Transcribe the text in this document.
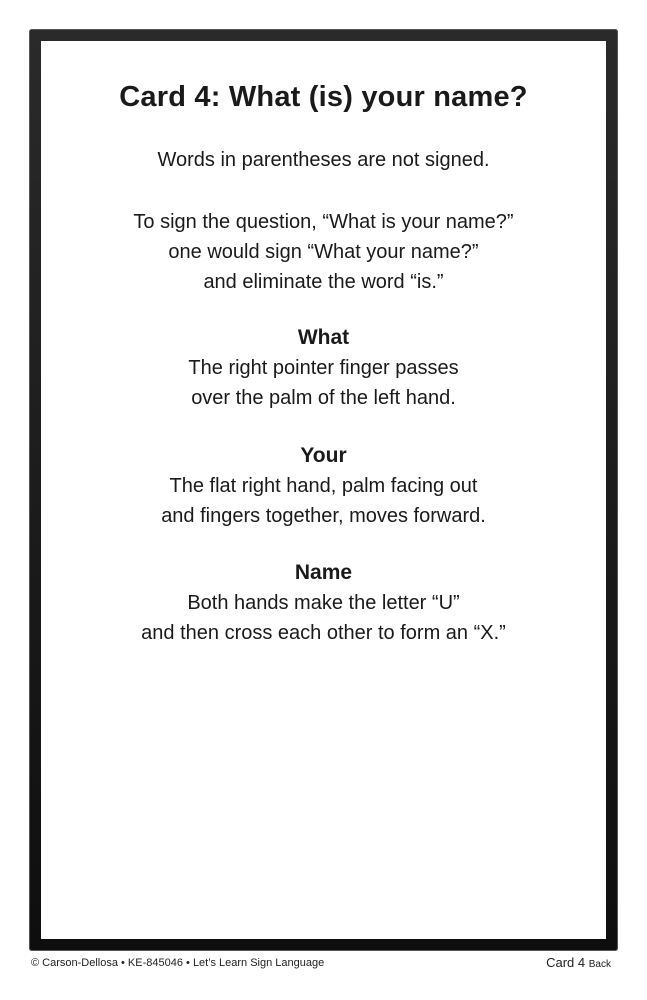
Card 4: What (is) your name?
Words in parentheses are not signed.
To sign the question, “What is your name?”
one would sign “What your name?”
and eliminate the word “is.”
What
The right pointer finger passes
over the palm of the left hand.
Your
The flat right hand, palm facing out
and fingers together, moves forward.
Name
Both hands make the letter “U”
and then cross each other to form an “X.”
© Carson-Dellosa • KE-845046 • Let’s Learn Sign Language	Card 4 Back
